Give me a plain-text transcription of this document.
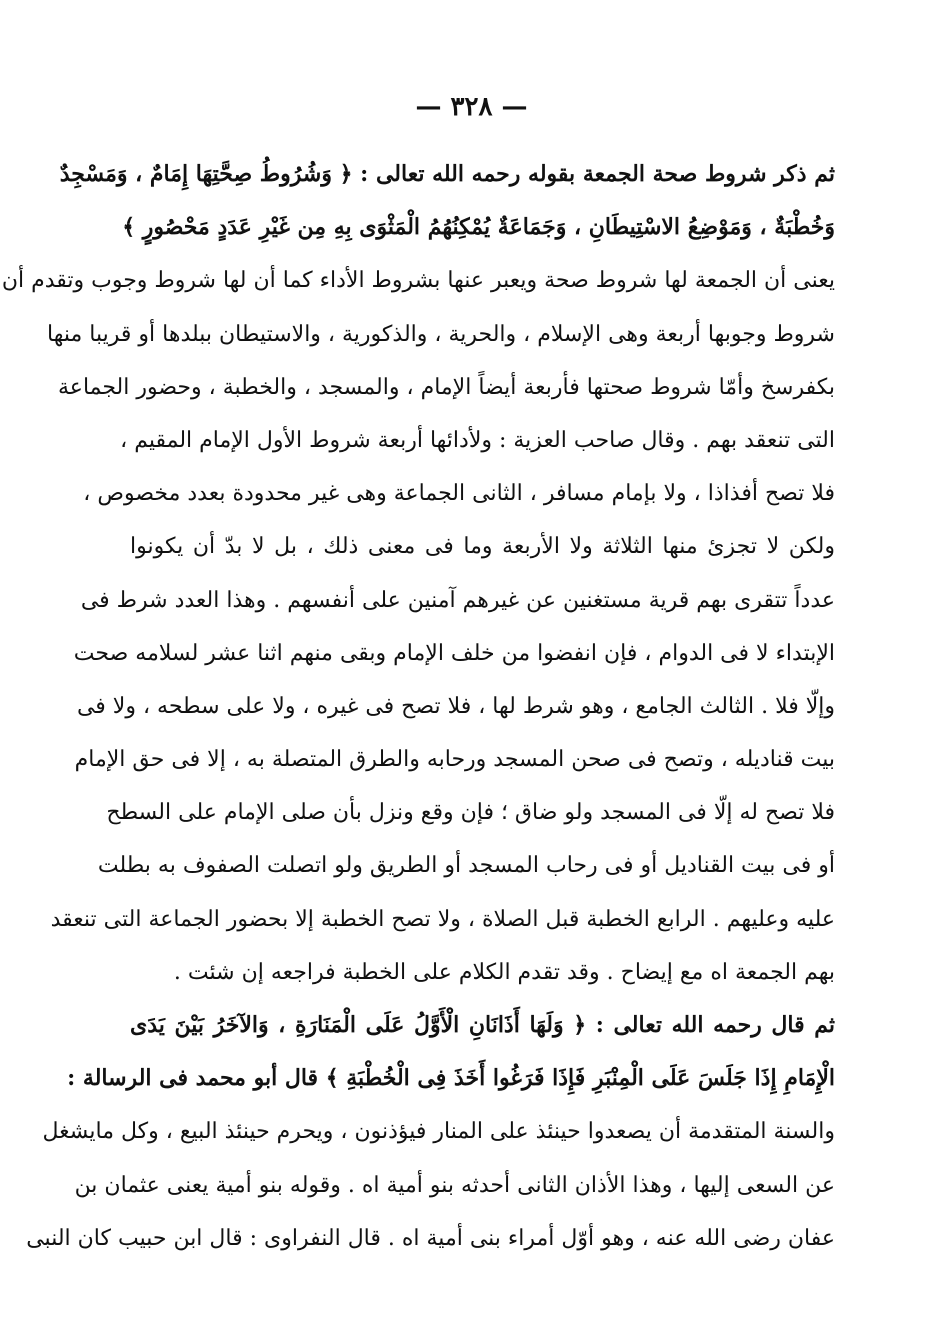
— ٣٢٨ —
ثم ذكر شروط صحة الجمعة بقوله رحمه الله تعالى : ﴿ وَشُرُوطُ صِحَّتِهَا إِمَامٌ ، وَمَسْجِدٌ
وَخُطْبَةٌ ، وَمَوْضِعُ الاسْتِيطَانِ ، وَجَمَاعَةٌ يُمْكِنُهُمُ الْمَثْوَى بِهِ مِن غَيْرِ عَدَدٍ مَحْصُورٍ ﴾
يعنى أن الجمعة لها شروط صحة ويعبر عنها بشروط الأداء كما أن لها شروط وجوب وتقدم أن
شروط وجوبها أربعة وهى الإسلام ، والحرية ، والذكورية ، والاستيطان ببلدها أو قريبا منها
بكفرسخ وأمّا شروط صحتها فأربعة أيضاً الإمام ، والمسجد ، والخطبة ، وحضور الجماعة
التى تنعقد بهم . وقال صاحب العزية : ولأدائها أربعة شروط الأول الإمام المقيم ،
فلا تصح أفذاذا ، ولا بإمام مسافر ، الثانى الجماعة وهى غير محدودة بعدد مخصوص ،
ولكن لا تجزئ منها الثلاثة ولا الأربعة وما فى معنى ذلك ، بل لا بدّ أن يكونوا
عدداً تتقرى بهم قرية مستغنين عن غيرهم آمنين على أنفسهم . وهذا العدد شرط فى
الإبتداء لا فى الدوام ، فإن انفضوا من خلف الإمام وبقى منهم اثنا عشر لسلامه صحت
وإلّا فلا . الثالث الجامع ، وهو شرط لها ، فلا تصح فى غيره ، ولا على سطحه ، ولا فى
بيت قناديله ، وتصح فى صحن المسجد ورحابه والطرق المتصلة به ، إلا فى حق الإمام
فلا تصح له إلّا فى المسجد ولو ضاق ؛ فإن وقع ونزل بأن صلى الإمام على السطح
أو فى بيت القناديل أو فى رحاب المسجد أو الطريق ولو اتصلت الصفوف به بطلت
عليه وعليهم . الرابع الخطبة قبل الصلاة ، ولا تصح الخطبة إلا بحضور الجماعة التى تنعقد
بهم الجمعة اه مع إيضاح . وقد تقدم الكلام على الخطبة فراجعه إن شئت .
ثم قال رحمه الله تعالى : ﴿ وَلَهَا أَذَانَانِ الْأَوَّلُ عَلَى الْمَنَارَةِ ، وَالآخَرُ بَيْنَ يَدَى
الْإِمَامِ إِذَا جَلَسَ عَلَى الْمِنْبَرِ فَإِذَا فَرَغُوا أَخَذَ فِى الْخُطْبَةِ ﴾ قال أبو محمد فى الرسالة :
والسنة المتقدمة أن يصعدوا حينئذ على المنار فيؤذنون ، ويحرم حينئذ البيع ، وكل مايشغل
عن السعى إليها ، وهذا الأذان الثانى أحدثه بنو أمية اه . وقوله بنو أمية يعنى عثمان بن
عفان رضى الله عنه ، وهو أوّل أمراء بنى أمية اه . قال النفراوى : قال ابن حبيب كان النبى
